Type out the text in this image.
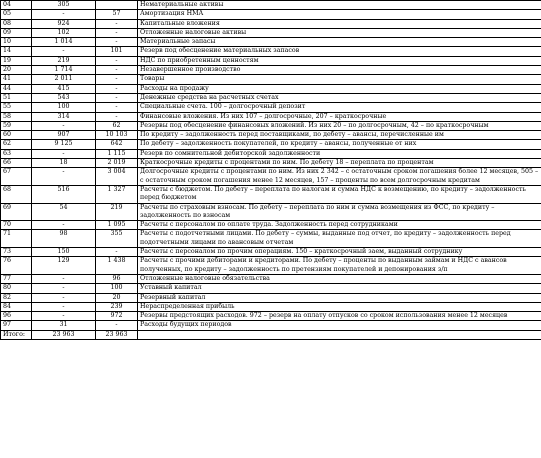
04	305		Нематериальные активы
05	-	57	Амортизация НМА
08	924	-	Капитальные вложения
09	102	-	Отложенные налоговые активы
10	1 014	-	Материальные запасы
14	-	101	Резерв под обесценение материальных запасов
19	219	-	НДС по приобретенным ценностям
20	1 714	-	Незавершенное производство
41	2 011	-	Товары
44	415	-	Расходы на продажу
51	543	-	Денежные средства на расчетных счетах
55	100	-	Специальные счета. 100 – долгосрочный депозит
58	314	-	Финансовые вложения. Из них 107 – долгосрочные, 207 – краткосрочные
59	-	62	Резервы под обесценение финансовых вложений. Из них 20 – по долгосрочным, 42 – по краткосрочным
60	907	10 103	По кредиту – задолженность перед поставщиками, по дебету – авансы, перечисленные им
62	9 125	642	По дебету – задолженность покупателей, по кредиту – авансы, полученные от них
63	-	1 115	Резерв по сомнительной дебиторской задолженности
66	18	2 019	Краткосрочные кредиты с процентами по ним. По дебету 18 – переплата по процентам
67	-	3 004	Долгосрочные кредиты с процентами по ним. Из них 2 342 – с остаточным сроком погашения более 12 месяцев, 505 – с остаточным сроком погашения менее 12 месяцев, 157 – проценты по всем долгосрочным кредитам
68	516	1 327	Расчеты с бюджетом. По дебету – переплата по налогам и сумма НДС к возмещению, по кредиту – задолженность перед бюджетом
69	54	219	Расчеты по страховым взносам. По дебету – переплата по ним и сумма возмещения из ФСС, по кредиту – задолженность по взносам
70	-	1 095	Расчеты с персоналом по оплате труда. Задолженность перед сотрудниками
71	98	355	Расчеты с подотчетными лицами. По дебету – суммы, выданные под отчет, по кредиту – задолженность перед подотчетными лицами по авансовым отчетам
73	150	-	Расчеты с персоналом по прочим операциям. 150 – краткосрочный заем, выданный сотруднику
76	129	1 438	Расчеты с прочими дебиторами и кредиторами. По дебету – проценты по выданным займам и НДС с авансов полученных, по кредиту – задолженность по претензиям покупателей и депонирования з/п
77	-	96	Отложенные налоговые обязательства
80	-	100	Уставный капитал
82	-	20	Резервный капитал
84	-	239	Нераспределенная прибыль
96	-	972	Резервы предстоящих расходов. 972 – резерв на оплату отпусков со сроком использования менее 12 месяцев
97	31	-	Расходы будущих периодов
Итого:	23 963	23 963	
